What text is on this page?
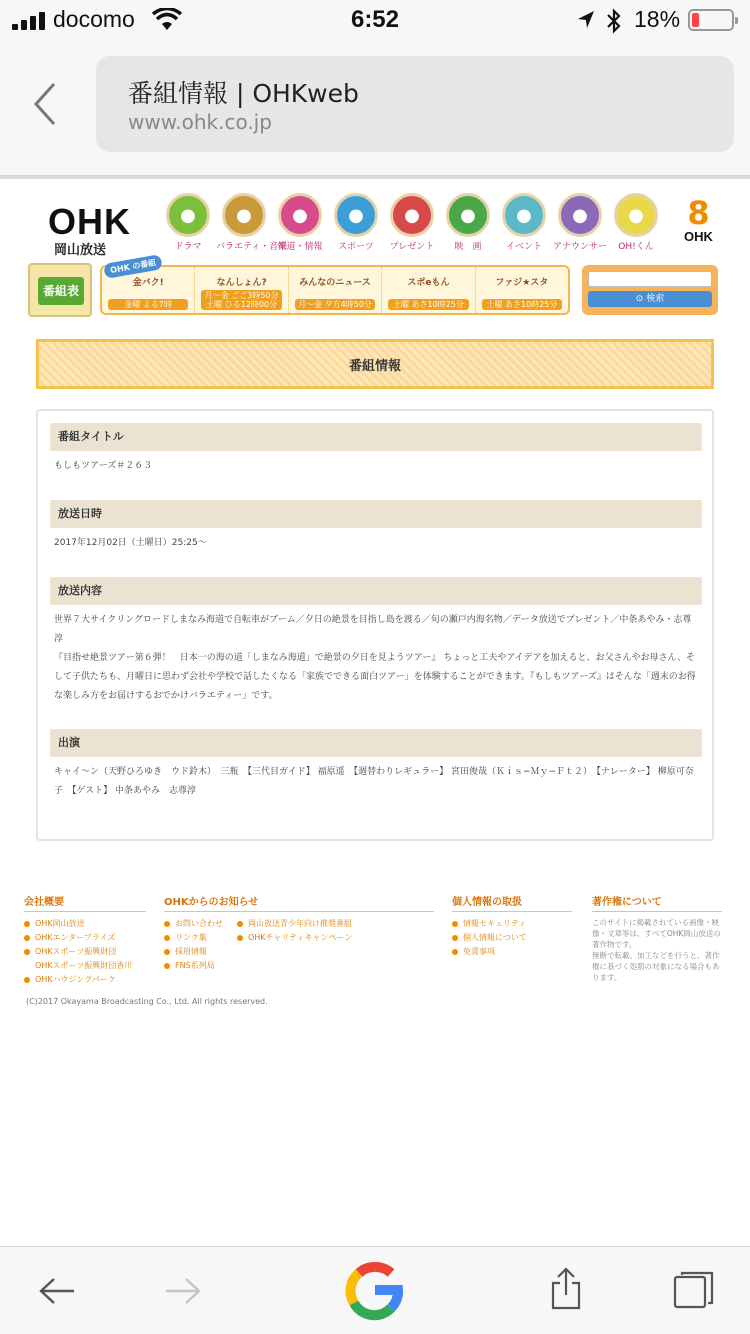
docomo	6:52	18%
番組情報 | OHKweb
www.ohk.co.jp
OHK
岡山放送
●
ドラマ
●
バラエティ・音楽
●
報道・情報
●
スポーツ
●
プレゼント
●
映　画
●
イベント
●
アナウンサー
●
OH!くん
8
OHK
番組表
OHK の番組
金バク!
金曜 よる7時
なんしょん?
月〜金 ごご3時50分 土曜 ひる12時00分
みんなのニュース
月〜金 夕方4時50分
スポeもん
土曜 あさ10時25分
ファジ★スタ
土曜 あさ10時25分
⊙ 検索
番組情報
番組タイトル
もしもツアーズ＃２６３
放送日時
2017年12月02日（土曜日）25:25〜
放送内容
世界７大サイクリングロードしまなみ海道で自転車がブーム／夕日の絶景を目指し島を渡る／旬の瀬戸内海名物／データ放送でプレゼント／中条あやみ・志尊淳
『目指せ絶景ツアー第６弾！　日本一の海の道「しまなみ海道」で絶景の夕日を見ようツアー』 ちょっと工夫やアイデアを加えると、お父さんやお母さん、そして子供たちも、月曜日に思わず会社や学校で話したくなる「家族でできる面白ツアー」を体験することができます。『もしもツアーズ』はそんな「週末のお得な楽しみ方をお届けするおでかけバラエティー」です。
出演
キャイ〜ン（天野ひろゆき　ウド鈴木）　三瓶　【三代目ガイド】 福原遥　【週替わりレギュラー】 宮田俊哉（Ｋｉｓ−Ｍｙ−Ｆｔ２）　【ナレーター】 柳原可奈子　【ゲスト】 中条あやみ　志尊淳
会社概要
OHK岡山放送
OHKエンタープライズ
OHKスポーツ振興財団
OHKスポーツ振興財団香川
OHKハウジングパーク
OHKからのお知らせ
お問い合わせ
リンク集
採用情報
FNS系列局
岡山放送青少年向け推奨番組
OHKチャリティキャンペーン
個人情報の取扱
情報セキュリティ
個人情報について
免責事項
著作権について
このサイトに掲載されている画像・映像・文章等は、すべてOHK岡山放送の著作物です。
無断で転載、加工などを行うと、著作権に基づく処罰の対象になる場合もあります。
(C)2017 Okayama Broadcasting Co., Ltd. All rights reserved.
